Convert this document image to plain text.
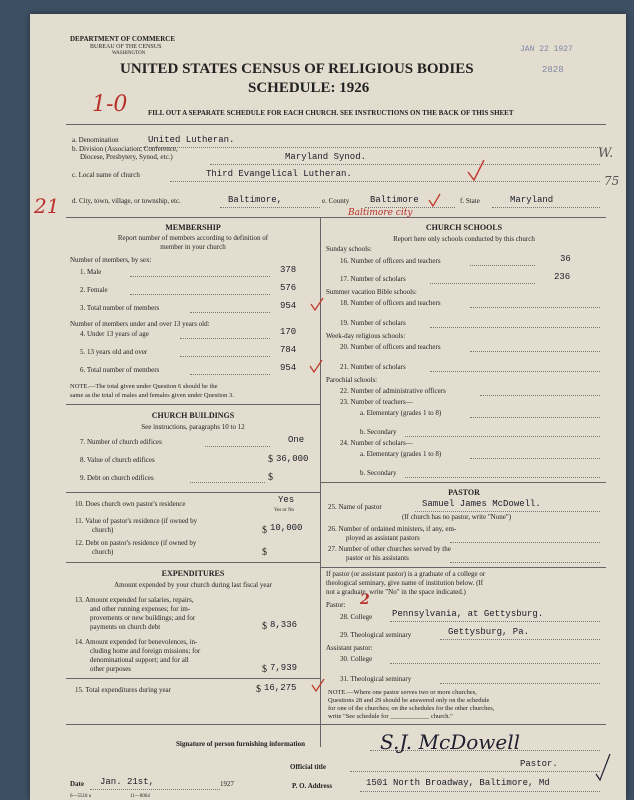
DEPARTMENT OF COMMERCE
BUREAU OF THE CENSUS
WASHINGTON	JAN 22 1927
2828
UNITED STATES CENSUS OF RELIGIOUS BODIES
SCHEDULE: 1926
FILL OUT A SEPARATE SCHEDULE FOR EACH CHURCH. SEE INSTRUCTIONS ON THE BACK OF THIS SHEET
1-0
a. Denomination	United Lutheran.
b. Division (Association, Conference,
Diocese, Presbytery, Synod, etc.)	Maryland Synod.	W.
c. Local name of church	Third Evangelical Lutheran.	75
21 d. City, town, village, or township, etc.	Baltimore,	e. County Baltimore
Baltimore city
f. State	Maryland
MEMBERSHIP
Report number of members according to definition of
member in your church
Number of members, by sex:
1. Male	378
2. Female	576
3. Total number of members	954
Number of members under and over 13 years old:
4. Under 13 years of age	170
5. 13 years old and over	784
6. Total number of members	954
NOTE.—The total given under Question 6 should be the
same as the total of males and females given under Question 3.
CHURCH BUILDINGS
See instructions, paragraphs 10 to 12
7. Number of church edifices	One
8. Value of church edifices	$ 36,000
9. Debt on church edifices	$
10. Does church own pastor's residence	Yes
Yes or No
11. Value of pastor's residence (if owned by
church)	$ 10,000
12. Debt on pastor's residence (if owned by
church)	$
EXPENDITURES
Amount expended by your church during last fiscal year
13. Amount expended for salaries, repairs,
and other running expenses; for im-
provements or new buildings; and for
payments on church debt	$ 8,336
14. Amount expended for benevolences, in-
cluding home and foreign missions; for
denominational support; and for all
other purposes	$ 7,939
15. Total expenditures during year	$ 16,275
CHURCH SCHOOLS
Report here only schools conducted by this church
Sunday schools:
16. Number of officers and teachers	36
17. Number of scholars	236
Summer vacation Bible schools:
18. Number of officers and teachers
19. Number of scholars
Week-day religious schools:
20. Number of officers and teachers
21. Number of scholars
Parochial schools:
22. Number of administrative officers
23. Number of teachers—
a. Elementary (grades 1 to 8)
b. Secondary
24. Number of scholars—
a. Elementary (grades 1 to 8)
b. Secondary
PASTOR
25. Name of pastor	Samuel James McDowell.
(If church has no pastor, write "None")
26. Number of ordained ministers, if any, em-
ployed as assistant pastors
27. Number of other churches served by the
pastor or his assistants
If pastor (or assistant pastor) is a graduate of a college or
theological seminary, give name of institution below. (If
not a graduate, write "No" in the space indicated.)
Pastor: 2
28. College Pennsylvania, at Gettysburg.
29. Theological seminary	Gettysburg, Pa.
Assistant pastor:
30. College
31. Theological seminary
NOTE.—Where one pastor serves two or more churches,
Questions 28 and 29 should be answered only on the schedule
for one of the churches; on the schedules for the other churches,
write "See schedule for ____________ church."
Signature of person furnishing information	S.J. McDowell
Official title	Pastor.
Date Jan. 21st,	1927
6—5518 a	11—8064
P. O. Address	1501 North Broadway, Baltimore, Md
